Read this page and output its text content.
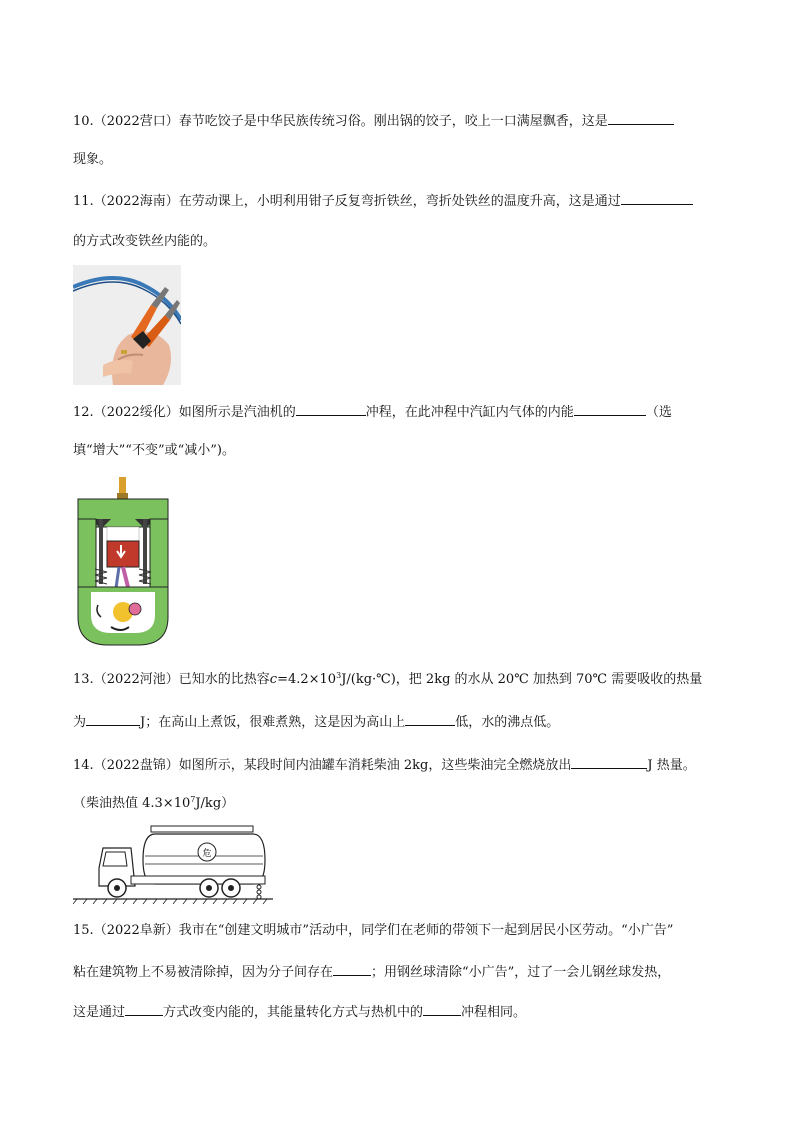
10.（2022营口）春节吃饺子是中华民族传统习俗。刚出锅的饺子，咬上一口满屋飘香，这是
现象。
11.（2022海南）在劳动课上，小明利用钳子反复弯折铁丝，弯折处铁丝的温度升高，这是通过
的方式改变铁丝内能的。
12.（2022绥化）如图所示是汽油机的	冲程，在此冲程中汽缸内气体的内能	（选
填“增大”“不变”或“减小”)。
13.（2022河池）已知水的比热容$c=4.2\times 10^3J/(kg\cdot℃)$，把 2kg 的水从 20℃ 加热到 70℃ 需要吸收的热量
为	J；在高山上煮饭，很难煮熟，这是因为高山上	低，水的沸点低。
14.（2022盘锦）如图所示，某段时间内油罐车消耗柴油 2kg，这些柴油完全燃烧放出	J 热量。
（柴油热值 $4.3\times 10^7J/kg$）
危
15.（2022阜新）我市在“创建文明城市”活动中，同学们在老师的带领下一起到居民小区劳动。“小广告”
粘在建筑物上不易被清除掉，因为分子间存在	；用钢丝球清除“小广告”，过了一会儿钢丝球发热，
这是通过	方式改变内能的，其能量转化方式与热机中的	冲程相同。
